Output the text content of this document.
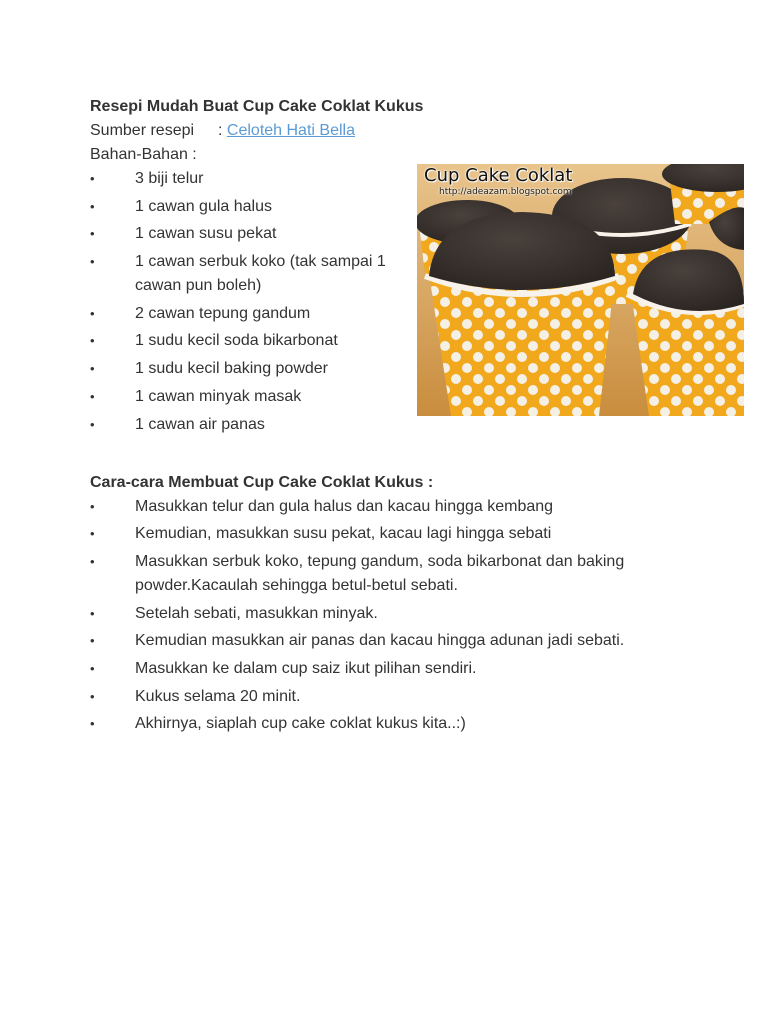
Resepi Mudah Buat Cup Cake Coklat Kukus

Sumber resepi : Celoteh Hati Bella

Bahan-Bahan :

•	3 biji telur
•	1 cawan gula halus
•	1 cawan susu pekat
•	1 cawan serbuk koko (tak sampai 1 cawan pun boleh)
•	2 cawan tepung gandum
•	1 sudu kecil soda bikarbonat
•	1 sudu kecil baking powder
•	1 cawan minyak masak
•	1 cawan air panas

Cara-cara Membuat Cup Cake Coklat Kukus :

•	Masukkan telur dan gula halus dan kacau hingga kembang
•	Kemudian, masukkan susu pekat, kacau lagi hingga sebati
•	Masukkan serbuk koko, tepung gandum, soda bikarbonat dan baking powder.Kacaulah sehingga betul-betul sebati.
•	Setelah sebati, masukkan minyak.
•	Kemudian masukkan air panas dan kacau hingga adunan jadi sebati.
•	Masukkan ke dalam cup saiz ikut pilihan sendiri.
•	Kukus selama 20 minit.
•	Akhirnya, siaplah cup cake coklat kukus kita..:)
Cup Cake Coklat
http://adeazam.blogspot.com
